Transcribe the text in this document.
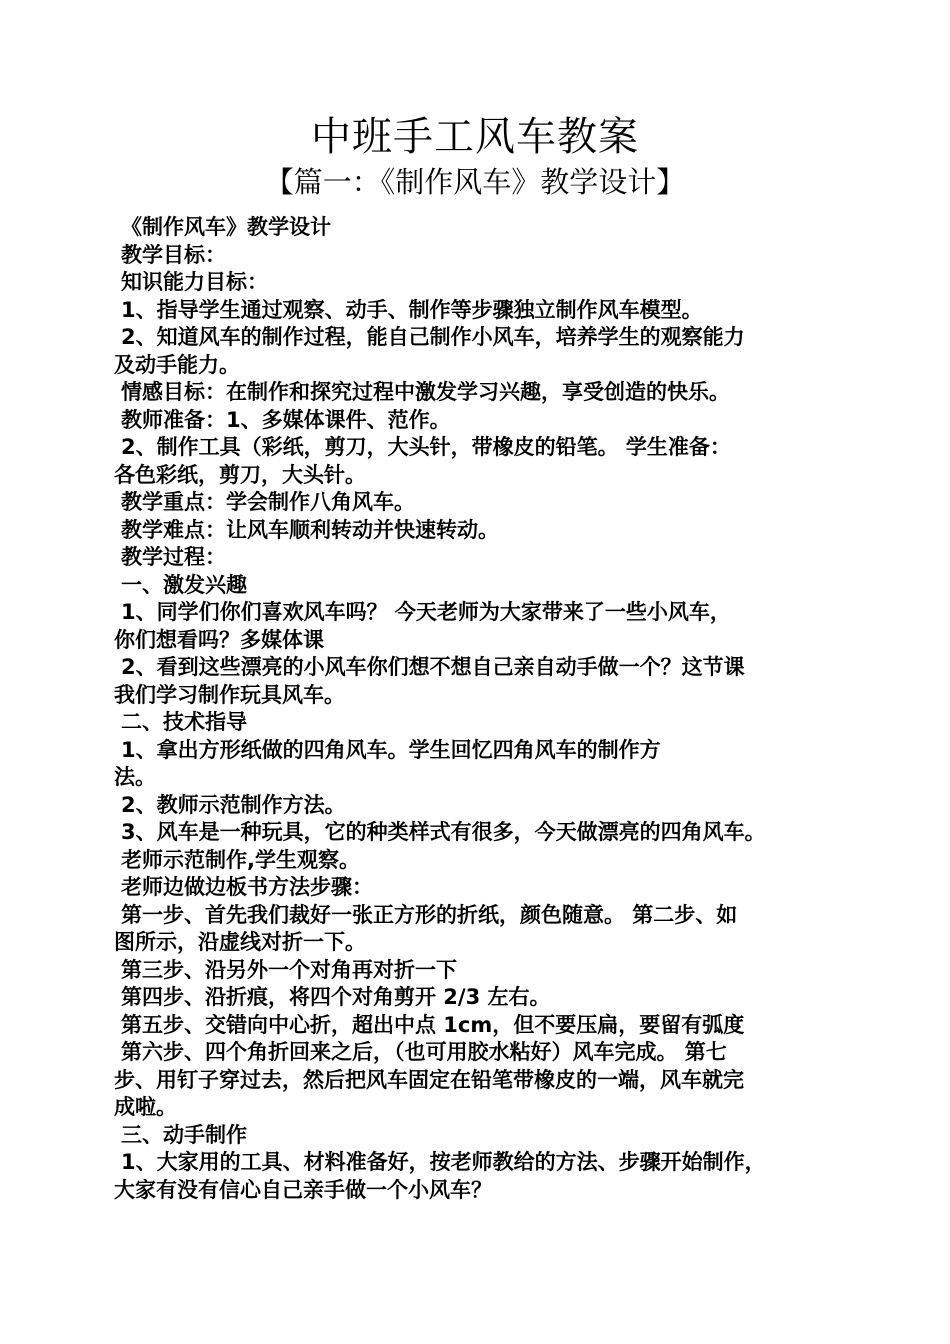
中班手工风车教案
【篇一：《制作风车》教学设计】

《制作风车》教学设计

教学目标：

知识能力目标：

1、指导学生通过观察、动手、制作等步骤独立制作风车模型。

2、知道风车的制作过程，能自己制作小风车，培养学生的观察能力

及动手能力。

情感目标：在制作和探究过程中激发学习兴趣，享受创造的快乐。

教师准备：1、多媒体课件、范作。

2、制作工具（彩纸，剪刀，大头针，带橡皮的铅笔。 学生准备：

各色彩纸，剪刀，大头针。

教学重点：学会制作八角风车。

教学难点：让风车顺利转动并快速转动。

教学过程：

一、激发兴趣

1、同学们你们喜欢风车吗？ 今天老师为大家带来了一些小风车，

你们想看吗？多媒体课

2、看到这些漂亮的小风车你们想不想自己亲自动手做一个？这节课

我们学习制作玩具风车。

二、技术指导

1、拿出方形纸做的四角风车。学生回忆四角风车的制作方

法。

2、教师示范制作方法。

3、风车是一种玩具，它的种类样式有很多，今天做漂亮的四角风车。

老师示范制作,学生观察。

老师边做边板书方法步骤：

第一步、首先我们裁好一张正方形的折纸，颜色随意。 第二步、如

图所示，沿虚线对折一下。

第三步、沿另外一个对角再对折一下

第四步、沿折痕，将四个对角剪开 2/3 左右。

第五步、交错向中心折，超出中点 1cm，但不要压扁，要留有弧度

第六步、四个角折回来之后，（也可用胶水粘好）风车完成。 第七

步、用钉子穿过去，然后把风车固定在铅笔带橡皮的一端，风车就完

成啦。

三、动手制作

1、大家用的工具、材料准备好，按老师教给的方法、步骤开始制作，

大家有没有信心自己亲手做一个小风车？
